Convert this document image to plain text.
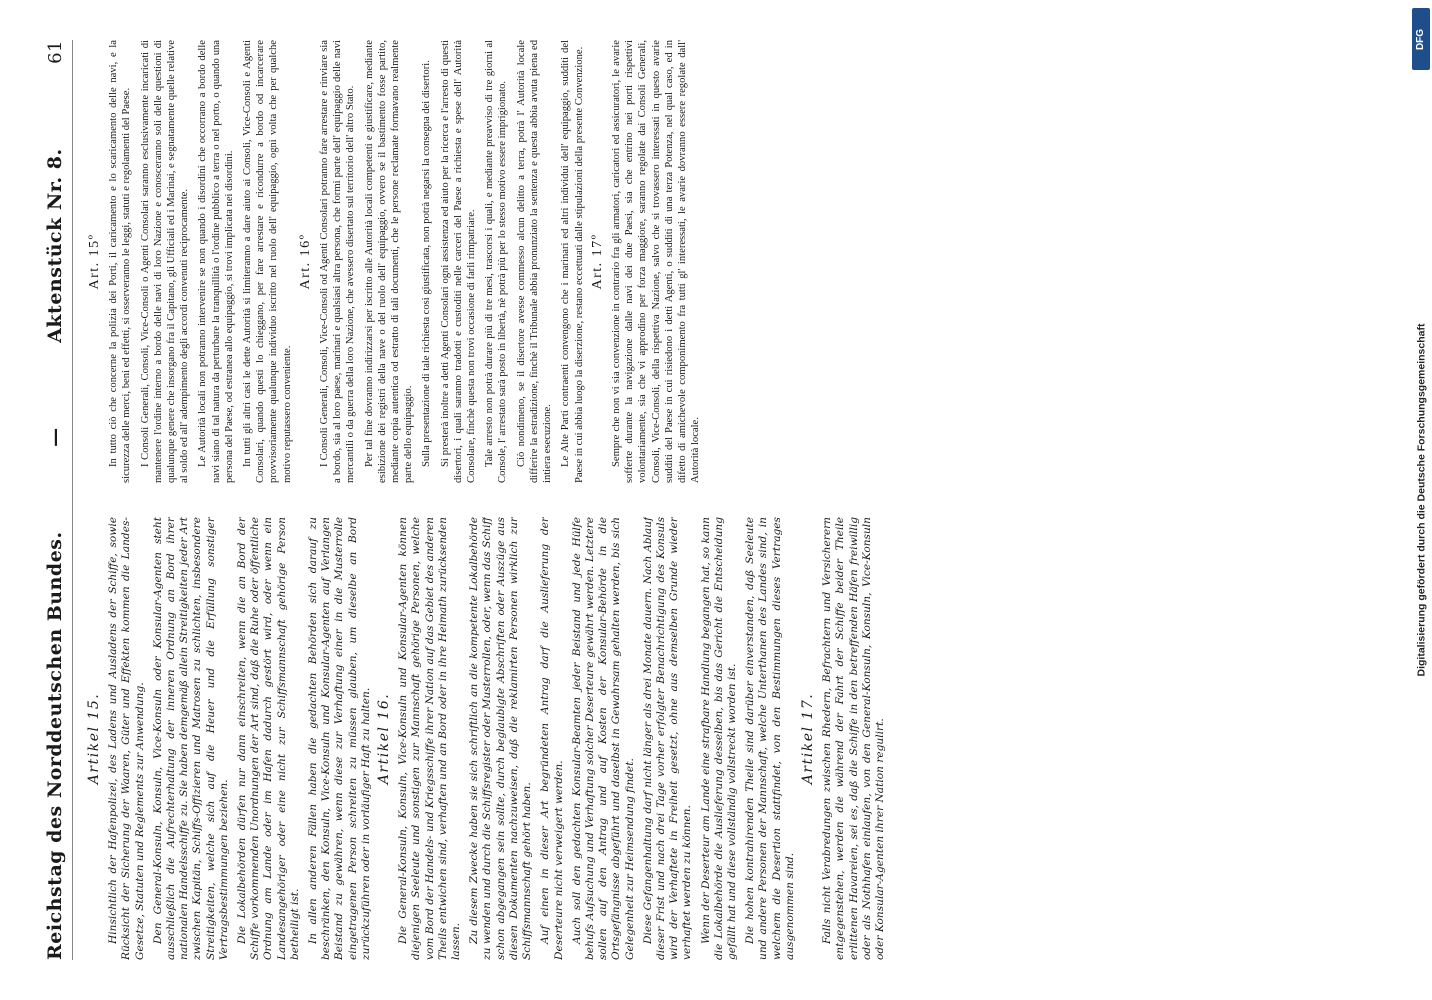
Reichstag des Norddeutschen Bundes.
—
Aktenstück Nr. 8.
61
Artikel 15. Hinsichtlich der Hafenpolizei, des Ladens und Ausladens der Schiffe, sowie Rücksicht der Sicherung der Waaren, Güter und Effekten kommen die Landes-Gesetze, Statuten und Reglements zur Anwendung. Den General-Konsuln, Konsuln, Vice-Konsuln oder Konsular-Agenten steht ausschließlich die Aufrechterhaltung der inneren Ordnung an Bord ihrer nationalen Handelsschiffe zu. Sie haben demgemäß allein Streitigkeiten jeder Art zwischen Kapitän, Schiffs-Offizieren und Matrosen zu schlichten, insbesondere Streitigkeiten, welche sich auf die Heuer und die Erfüllung sonstiger Vertragsbestimmungen beziehen. Die Lokalbehörden dürfen nur dann einschreiten, wenn die an Bord der Schiffe vorkommenden Unordnungen der Art sind, daß die Ruhe oder öffentliche Ordnung am Lande oder im Hafen dadurch gestört wird, oder wenn ein Landesangehöriger oder eine nicht zur Schiffsmannschaft gehörige Person betheiligt ist. In allen anderen Fällen haben die gedachten Behörden sich darauf zu beschränken, den Konsuln, Vice-Konsuln und Konsular-Agenten auf Verlangen Beistand zu gewähren, wenn diese zur Verhaftung einer in die Musterrolle eingetragenen Person schreiten zu müssen glauben, um dieselbe an Bord zurückzuführen oder in vorläufiger Haft zu halten. Artikel 16. Die General-Konsuln, Konsuln, Vice-Konsuln und Konsular-Agenten können diejenigen Seeleute und sonstigen zur Mannschaft gehörige Personen, welche vom Bord der Handels- und Kriegsschiffe ihrer Nation auf das Gebiet des anderen Theils entwichen sind, verhaften und an Bord oder in ihre Heimath zurücksenden lassen. Zu diesem Zwecke haben sie sich schriftlich an die kompetente Lokalbehörde zu wenden und durch die Schiffsregister oder Musterrollen, oder, wenn das Schiff schon abgegangen sein sollte, durch beglaubigte Abschriften oder Auszüge aus diesen Dokumenten nachzuweisen, daß die reklamirten Personen wirklich zur Schiffsmannschaft gehört haben. Auf einen in dieser Art begründeten Antrag darf die Auslieferung der Deserteure nicht verweigert werden. Auch soll den gedachten Konsular-Beamten jeder Beistand und jede Hülfe behufs Aufsuchung und Verhaftung solcher Deserteure gewährt werden. Letztere sollen auf den Antrag und auf Kosten der Konsular-Behörde in die Ortsgefängnisse abgeführt und daselbst in Gewahrsam gehalten werden, bis sich Gelegenheit zur Heimsendung findet. Diese Gefangenhaltung darf nicht länger als drei Monate dauern. Nach Ablauf dieser Frist und nach drei Tage vorher erfolgter Benachrichtigung des Konsuls wird der Verhaftete in Freiheit gesetzt, ohne aus demselben Grunde wieder verhaftet werden zu können. Wenn der Deserteur am Lande eine strafbare Handlung begangen hat, so kann die Lokalbehörde die Auslieferung desselben, bis das Gericht die Entscheidung gefällt hat und diese vollständig vollstreckt worden ist. Die hohen kontrahirenden Theile sind darüber einverstanden, daß Seeleute und andere Personen der Mannschaft, welche Unterthanen des Landes sind, in welchem die Desertion stattfindet, von den Bestimmungen dieses Vertrages ausgenommen sind.

Artikel 17. Falls nicht Verabredungen zwischen Rhedern, Befrachtern und Versicherern entgegenstehen, werden die während der Fahrt der Schiffe beider Theile erlittenen Havareien, sei es, daß die Schiffe in den betreffenden Häfen freiwillig oder als Nothhafen einlaufen, von den General-Konsuln, Konsuln, Vice-Konsuln oder Konsular-Agenten ihrer Nation regulirt.

Art. 15º In tutto ciò che concerne la polizia dei Porti, il caricamento e lo scaricamento delle navi, e la sicurezza delle merci, beni ed effetti, si osserveranno le leggi, statuti e regolamenti del Paese. I Consoli Generali, Consoli, Vice-Consoli o Agenti Consolari saranno esclusivamente incaricati di mantenere l'ordine interno a bordo delle navi di loro Nazione e conosceranno soli delle questioni di qualunque genere che insorgano fra il Capitano, gli Ufficiali ed i Marinai, e segnatamente quelle relative al soldo ed all' adempimento degli accordi convenuti reciprocamente. Le Autorità locali non potranno intervenire se non quando i disordini che occorrano a bordo delle navi siano di tal natura da perturbare la tranquillità o l'ordine pubblico a terra o nel porto, o quando una persona del Paese, od estranea allo equipaggio, si trovi implicata nei disordini. In tutti gli altri casi le dette Autorità si limiteranno a dare aiuto ai Consoli, Vice-Consoli e Agenti Consolari, quando questi lo chieggano, per fare arrestare e ricondurre a bordo od incarcerare provvisoriamente qualunque individuo iscritto nel ruolo dell' equipaggio, ogni volta che per qualche motivo reputassero conveniente.

Art. 16º I Consoli Generali, Consoli, Vice-Consoli od Agenti Consolari potranno fare arrestare e rinviare sia a bordo, sia al loro paese, marinari e qualsiasi altra persona, che formi parte dell' equipaggio delle navi mercantili o da guerra della loro Nazione, che avessero disertato sul territorio dell' altro Stato. Per tal fine dovranno indirizzarsi per iscritto alle Autorità locali competenti e giustificare, mediante esibizione dei registri della nave o del ruolo dell' equipaggio, ovvero se il bastimento fosse partito, mediante copia autentica od estratto di tali documenti, che le persone reclamate formavano realmente parte dello equipaggio. Sulla presentazione di tale richiesta così giustificata, non potrà negarsi la consegna dei disertori. Si presterà inoltre a detti Agenti Consolari ogni assistenza ed aiuto per la ricerca e l'arresto di questi disertori, i quali saranno tradotti e custoditi nelle carceri del Paese a richiesta e spese dell' Autorità Consolare, finchè questa non trovi occasione di farli rimpatriare. Tale arresto non potrà durare più di tre mesi, trascorsi i quali, e mediante preavviso di tre giorni al Console, l' arrestato sarà posto in libertà, nè potrà più per lo stesso motivo essere imprigionato. Ciò nondimeno, se il disertore avesse commesso alcun delitto a terra, potrà l' Autorità locale differire la estradizione, finchè il Tribunale abbia pronunziato la sentenza e questa abbia avuta piena ed intiera esecuzione. Le Alte Parti contraenti convengono che i marinari ed altri individui dell' equipaggio, sudditi del Paese in cui abbia luogo la diserzione, restano eccettuati dalle stipulazioni della presente Convenzione. Art. 17º Sempre che non vi sia convenzione in contrario fra gli armatori, caricatori ed assicuratori, le avarie sofferte durante la navigazione dalle navi dei due Paesi, sia che entrino nei porti rispettivi volontariamente, sia che vi approdino per forza maggiore, saranno regolate dai Consoli Generali, Consoli, Vice-Consoli, della rispettiva Nazione, salvo che si trovassero interessati in questo avarie sudditi del Paese in cui risiedono i detti Agenti, o sudditi di una terza Potenza, nel qual caso, ed in difetto di amichevole componimento fra tutti gl' interessati, le avarie dovranno essere regolate dall' Autorità locale.	Digitalisierung gefördert durch die Deutsche Forschungsgemeinschaft
DFG
